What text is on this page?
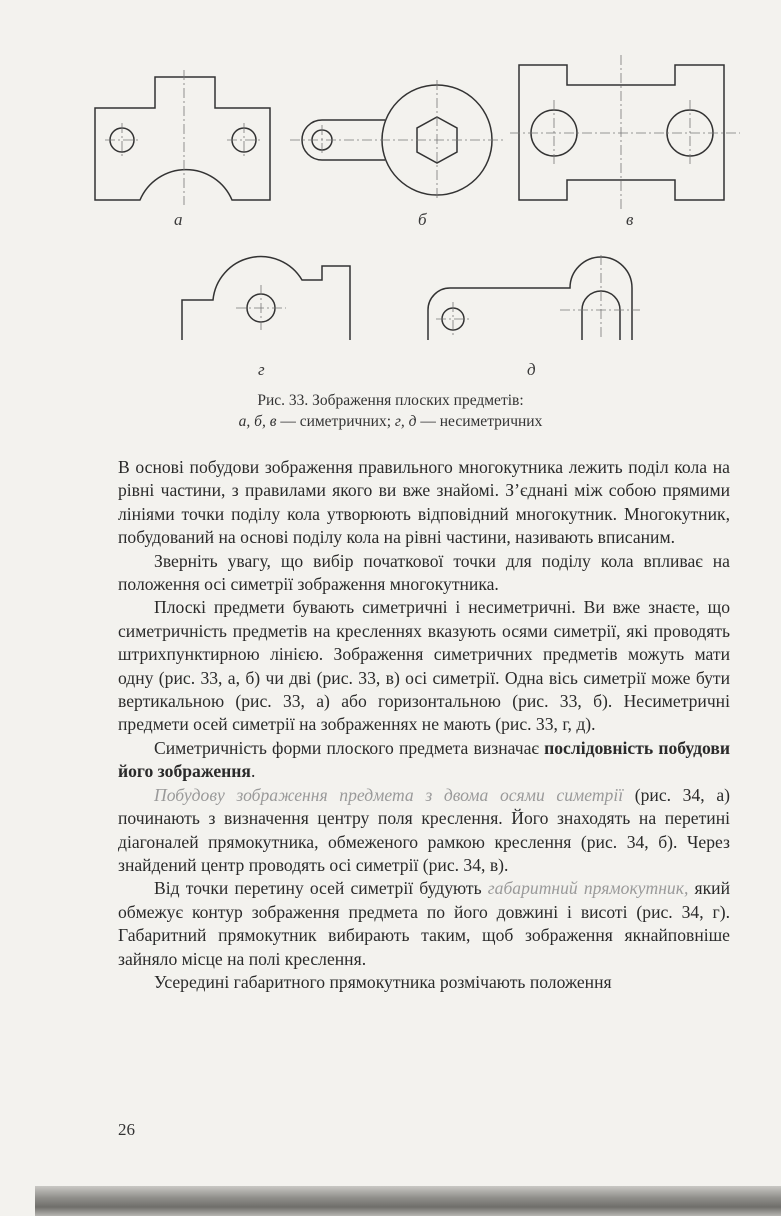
а	б	в
г	д
Рис. 33. Зображення плоских предметів:
а, б, в — симетричних; г, д — несиметричних

В основі побудови зображення правильного многокутника лежить поділ кола на рівні частини, з правилами якого ви вже знайомі. З’єднані між собою прямими лініями точки поділу кола утворюють відповідний многокутник. Многокутник, побудований на основі поділу кола на рівні частини, називають вписаним.

Зверніть увагу, що вибір початкової точки для поділу кола впливає на положення осі симетрії зображення многокутника.

Плоскі предмети бувають симетричні і несиметричні. Ви вже знаєте, що симетричність предметів на кресленнях вказують осями симетрії, які проводять штрихпунктирною лінією. Зображення симетричних предметів можуть мати одну (рис. 33, а, б) чи дві (рис. 33, в) осі симетрії. Одна вісь симетрії може бути вертикальною (рис. 33, а) або горизонтальною (рис. 33, б). Несиметричні предмети осей симетрії на зображеннях не мають (рис. 33, г, д).

Симетричність форми плоского предмета визначає послідовність побудови його зображення.

Побудову зображення предмета з двома осями симетрії (рис. 34, а) починають з визначення центру поля креслення. Його знаходять на перетині діагоналей прямокутника, обмеженого рамкою креслення (рис. 34, б). Через знайдений центр проводять осі симетрії (рис. 34, в).

Від точки перетину осей симетрії будують габаритний прямокутник, який обмежує контур зображення предмета по його довжині і висоті (рис. 34, г). Габаритний прямокутник вибирають таким, щоб зображення якнайповніше зайняло місце на полі креслення.

Усередині габаритного прямокутника розмічають положення

26
